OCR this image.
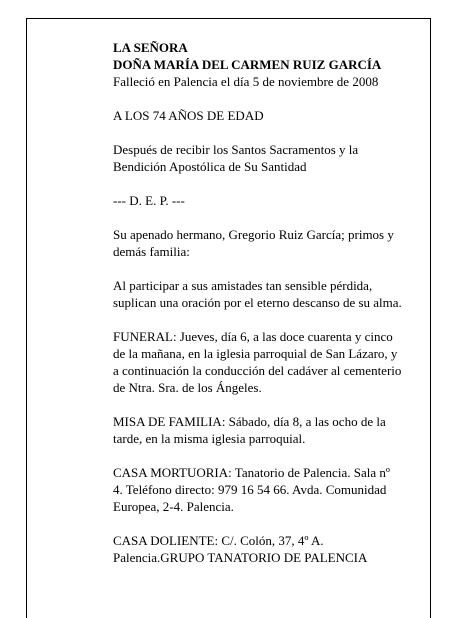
LA SEÑORA

DOÑA MARÍA DEL CARMEN RUIZ GARCÍA

Falleció en Palencia el día 5 de noviembre de 2008

A LOS 74 AÑOS DE EDAD

Después de recibir los Santos Sacramentos y la

Bendición Apostólica de Su Santidad

--- D. E. P. ---

Su apenado hermano, Gregorio Ruiz García; primos y

demás familia:

Al participar a sus amistades tan sensible pérdida,

suplican una oración por el eterno descanso de su alma.

FUNERAL: Jueves, día 6, a las doce cuarenta y cinco

de la mañana, en la iglesia parroquial de San Lázaro, y

a continuación la conducción del cadáver al cementerio

de Ntra. Sra. de los Ángeles.

MISA DE FAMILIA: Sábado, día 8, a las ocho de la

tarde, en la misma iglesia parroquial.

CASA MORTUORIA: Tanatorio de Palencia. Sala nº

4. Teléfono directo: 979 16 54 66. Avda. Comunidad

Europea, 2-4. Palencia.

CASA DOLIENTE: C/. Colón, 37, 4º A.

Palencia.GRUPO TANATORIO DE PALENCIA
